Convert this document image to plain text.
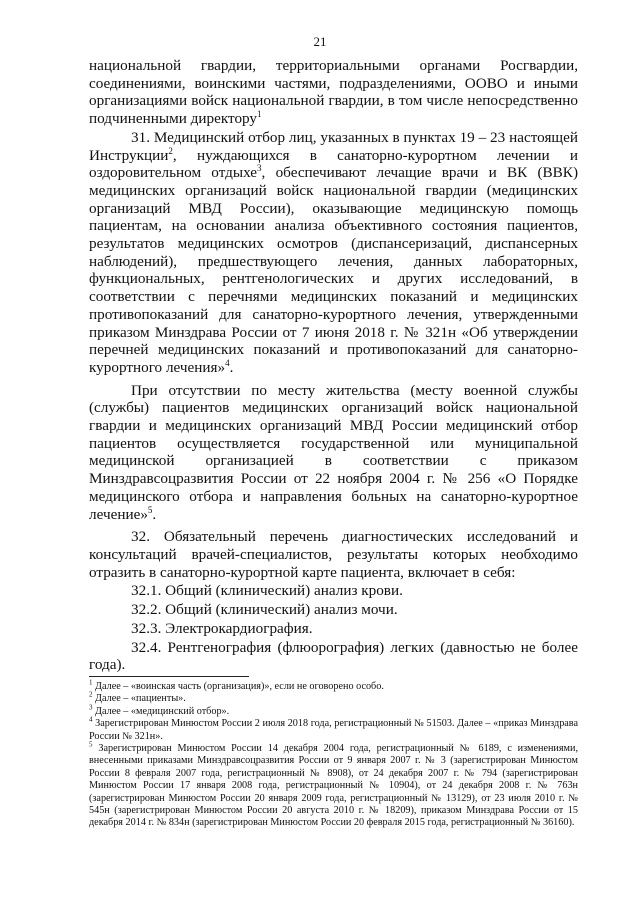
21

национальной гвардии, территориальными органами Росгвардии, соединениями, воинскими частями, подразделениями, ОOBO и иными организациями войск национальной гвардии, в том числе непосредственно подчиненными директору$^1$

31. Медицинский отбор лиц, указанных в пунктах 19 – 23 настоящей Инструкции$^2$, нуждающихся в санаторно-курортном лечении и оздоровительном отдыхе$^3$, обеспечивают лечащие врачи и ВК (ВВК) медицинских организаций войск национальной гвардии (медицинских организаций МВД России), оказывающие медицинскую помощь пациентам, на основании анализа объективного состояния пациентов, результатов медицинских осмотров (диспансеризаций, диспансерных наблюдений), предшествующего лечения, данных лабораторных, функциональных, рентгенологических и других исследований, в соответствии с перечнями медицинских показаний и медицинских противопоказаний для санаторно-курортного лечения, утвержденными приказом Минздрава России от 7 июня 2018 г. № 321н «Об утверждении перечней медицинских показаний и противопоказаний для санаторно-курортного лечения»$^4$.

При отсутствии по месту жительства (месту военной службы (службы) пациентов медицинских организаций войск национальной гвардии и медицинских организаций МВД России медицинский отбор пациентов осуществляется государственной или муниципальной медицинской организацией в соответствии с приказом Минздравсоцразвития России от 22 ноября 2004 г. № 256 «О Порядке медицинского отбора и направления больных на санаторно-курортное лечение»$^5$.

32. Обязательный перечень диагностических исследований и консультаций врачей-специалистов, результаты которых необходимо отразить в санаторно-курортной карте пациента, включает в себя:

32.1. Общий (клинический) анализ крови.

32.2. Общий (клинический) анализ мочи.

32.3. Электрокардиография.

32.4. Рентгенография (флюорография) легких (давностью не более года).

$^1$ Далее – «воинская часть (организация)», если не оговорено особо.

$^2$ Далее – «пациенты».

$^3$ Далее – «медицинский отбор».

$^4$ Зарегистрирован Минюстом России 2 июля 2018 года, регистрационный № 51503. Далее – «приказ Минздрава России № 321н».

$^5$ Зарегистрирован Минюстом России 14 декабря 2004 года, регистрационный № 6189, с изменениями, внесенными приказами Минздравсоцразвития России от 9 января 2007 г. № 3 (зарегистрирован Минюстом России 8 февраля 2007 года, регистрационный № 8908), от 24 декабря 2007 г. № 794 (зарегистрирован Минюстом России 17 января 2008 года, регистрационный № 10904), от 24 декабря 2008 г. № 763н (зарегистрирован Минюстом России 20 января 2009 года, регистрационный № 13129), от 23 июля 2010 г. № 545н (зарегистрирован Минюстом России 20 августа 2010 г. № 18209), приказом Минздрава России от 15 декабря 2014 г. № 834н (зарегистрирован Минюстом России 20 февраля 2015 года, регистрационный № 36160).
